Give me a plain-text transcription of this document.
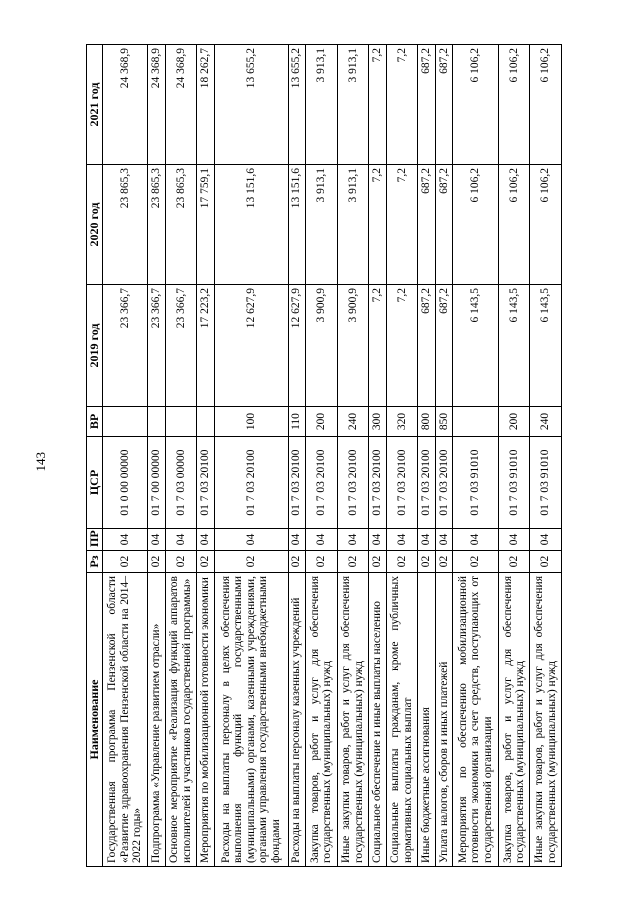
143
Наименование	Рз	ПР	ЦСР	ВР	2019 год	2020 год	2021 год
Государственная программа Пензенской области «Развитие здравоохранения Пензенской области на 2014–2022 годы»	02	04	01 0 00 00000		23 366,7	23 865,3	24 368,9
Подпрограмма «Управление развитием отрасли»	02	04	01 7 00 00000		23 366,7	23 865,3	24 368,9
Основное мероприятие «Реализация функций аппаратов исполнителей и участников государственной программы»	02	04	01 7 03 00000		23 366,7	23 865,3	24 368,9
Мероприятия по мобилизационной готовности экономики	02	04	01 7 03 20100		17 223,2	17 759,1	18 262,7
Расходы на выплаты персоналу в целях обеспечения выполнения функций государственными (муниципальными) органами, казенными учреждениями, органами управления государственными внебюджетными фондами	02	04	01 7 03 20100	100	12 627,9	13 151,6	13 655,2
Расходы на выплаты персоналу казенных учреждений	02	04	01 7 03 20100	110	12 627,9	13 151,6	13 655,2
Закупка товаров, работ и услуг для обеспечения государственных (муниципальных) нужд	02	04	01 7 03 20100	200	3 900,9	3 913,1	3 913,1
Иные закупки товаров, работ и услуг для обеспечения государственных (муниципальных) нужд	02	04	01 7 03 20100	240	3 900,9	3 913,1	3 913,1
Социальное обеспечение и иные выплаты населению	02	04	01 7 03 20100	300	7,2	7,2	7,2
Социальные выплаты гражданам, кроме публичных нормативных социальных выплат	02	04	01 7 03 20100	320	7,2	7,2	7,2
Иные бюджетные ассигнования	02	04	01 7 03 20100	800	687,2	687,2	687,2
Уплата налогов, сборов и иных платежей	02	04	01 7 03 20100	850	687,2	687,2	687,2
Мероприятия по обеспечению мобилизационной готовности экономики за счет средств, поступающих от государственной организации	02	04	01 7 03 91010		6 143,5	6 106,2	6 106,2
Закупка товаров, работ и услуг для обеспечения государственных (муниципальных) нужд	02	04	01 7 03 91010	200	6 143,5	6 106,2	6 106,2
Иные закупки товаров, работ и услуг для обеспечения государственных (муниципальных) нужд	02	04	01 7 03 91010	240	6 143,5	6 106,2	6 106,2
